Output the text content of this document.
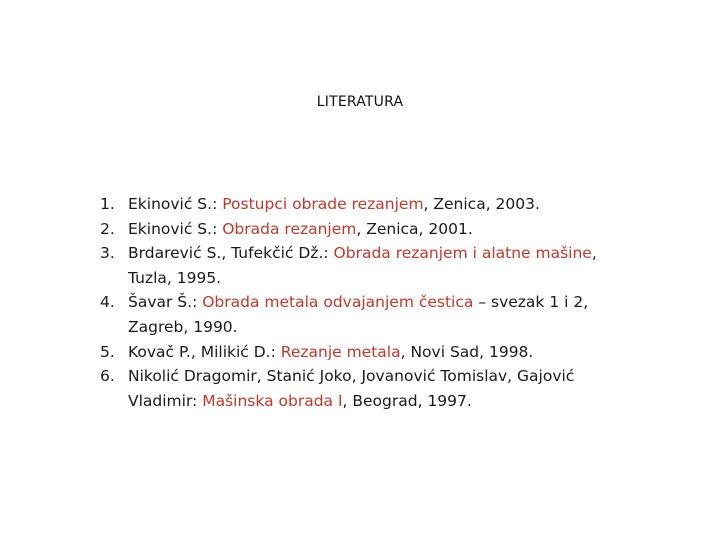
LITERATURA
1. Ekinović S.: Postupci obrade rezanjem, Zenica, 2003.
2. Ekinović S.: Obrada rezanjem, Zenica, 2001.
3. Brdarević S., Tufekčić Dž.: Obrada rezanjem i alatne mašine, Tuzla, 1995.
4. Šavar Š.: Obrada metala odvajanjem čestica – svezak 1 i 2, Zagreb, 1990.
5. Kovač P., Milikić D.: Rezanje metala, Novi Sad, 1998.
6. Nikolić Dragomir, Stanić Joko, Jovanović Tomislav, Gajović Vladimir: Mašinska obrada I, Beograd, 1997.
